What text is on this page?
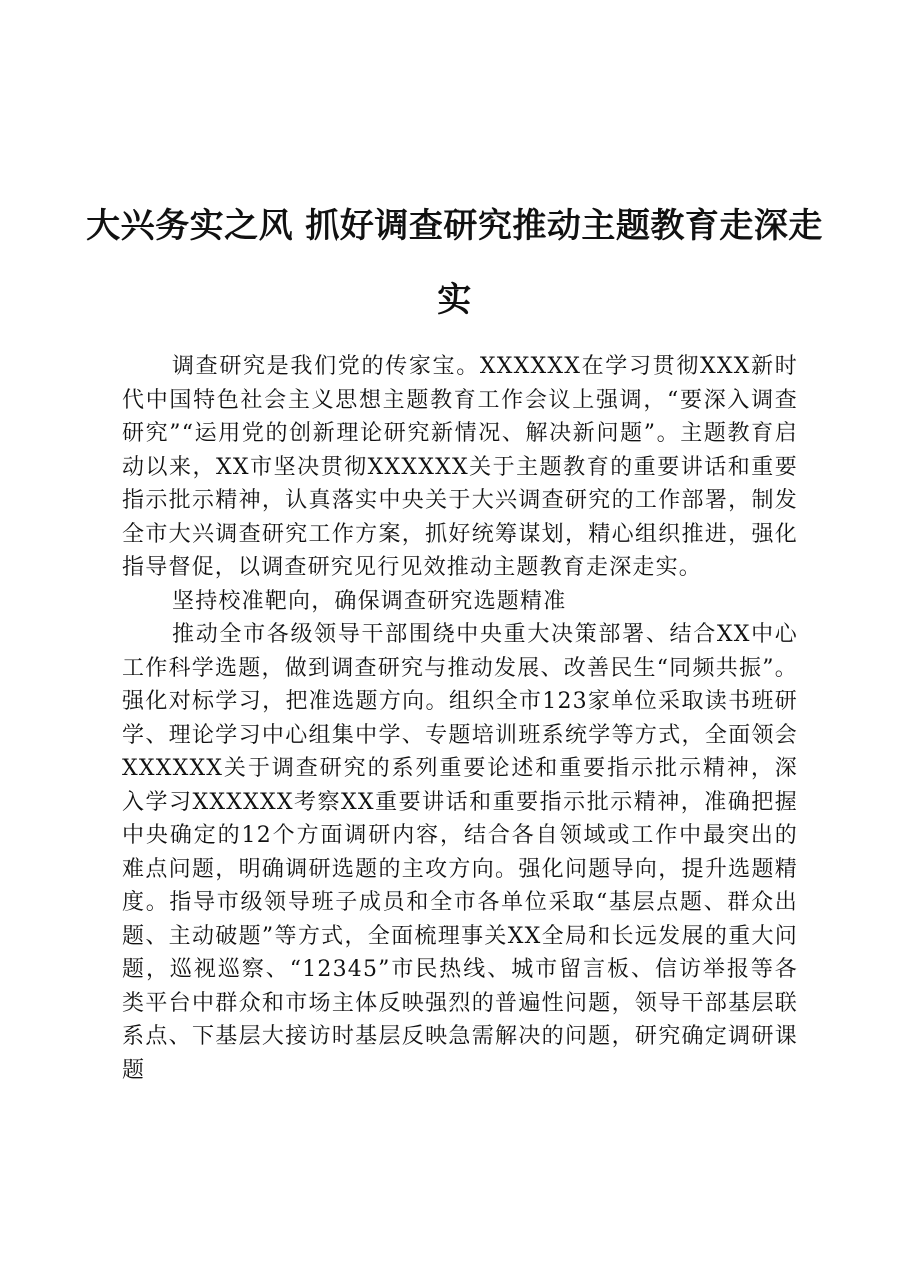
大兴务实之风 抓好调查研究推动主题教育走深走实

调查研究是我们党的传家宝。XXXXXX在学习贯彻XXX新时代中国特色社会主义思想主题教育工作会议上强调，“要深入调查研究”“运用党的创新理论研究新情况、解决新问题”。主题教育启动以来，XX市坚决贯彻XXXXXX关于主题教育的重要讲话和重要指示批示精神，认真落实中央关于大兴调查研究的工作部署，制发全市大兴调查研究工作方案，抓好统筹谋划，精心组织推进，强化指导督促，以调查研究见行见效推动主题教育走深走实。

坚持校准靶向，确保调查研究选题精准

推动全市各级领导干部围绕中央重大决策部署、结合XX中心工作科学选题，做到调查研究与推动发展、改善民生“同频共振”。强化对标学习，把准选题方向。组织全市123家单位采取读书班研学、理论学习中心组集中学、专题培训班系统学等方式，全面领会XXXXXX关于调查研究的系列重要论述和重要指示批示精神，深入学习XXXXXX考察XX重要讲话和重要指示批示精神，准确把握中央确定的12个方面调研内容，结合各自领域或工作中最突出的难点问题，明确调研选题的主攻方向。强化问题导向，提升选题精度。指导市级领导班子成员和全市各单位采取“基层点题、群众出题、主动破题”等方式，全面梳理事关XX全局和长远发展的重大问题，巡视巡察、“12345”市民热线、城市留言板、信访举报等各类平台中群众和市场主体反映强烈的普遍性问题，领导干部基层联系点、下基层大接访时基层反映急需解决的问题，研究确定调研课题
